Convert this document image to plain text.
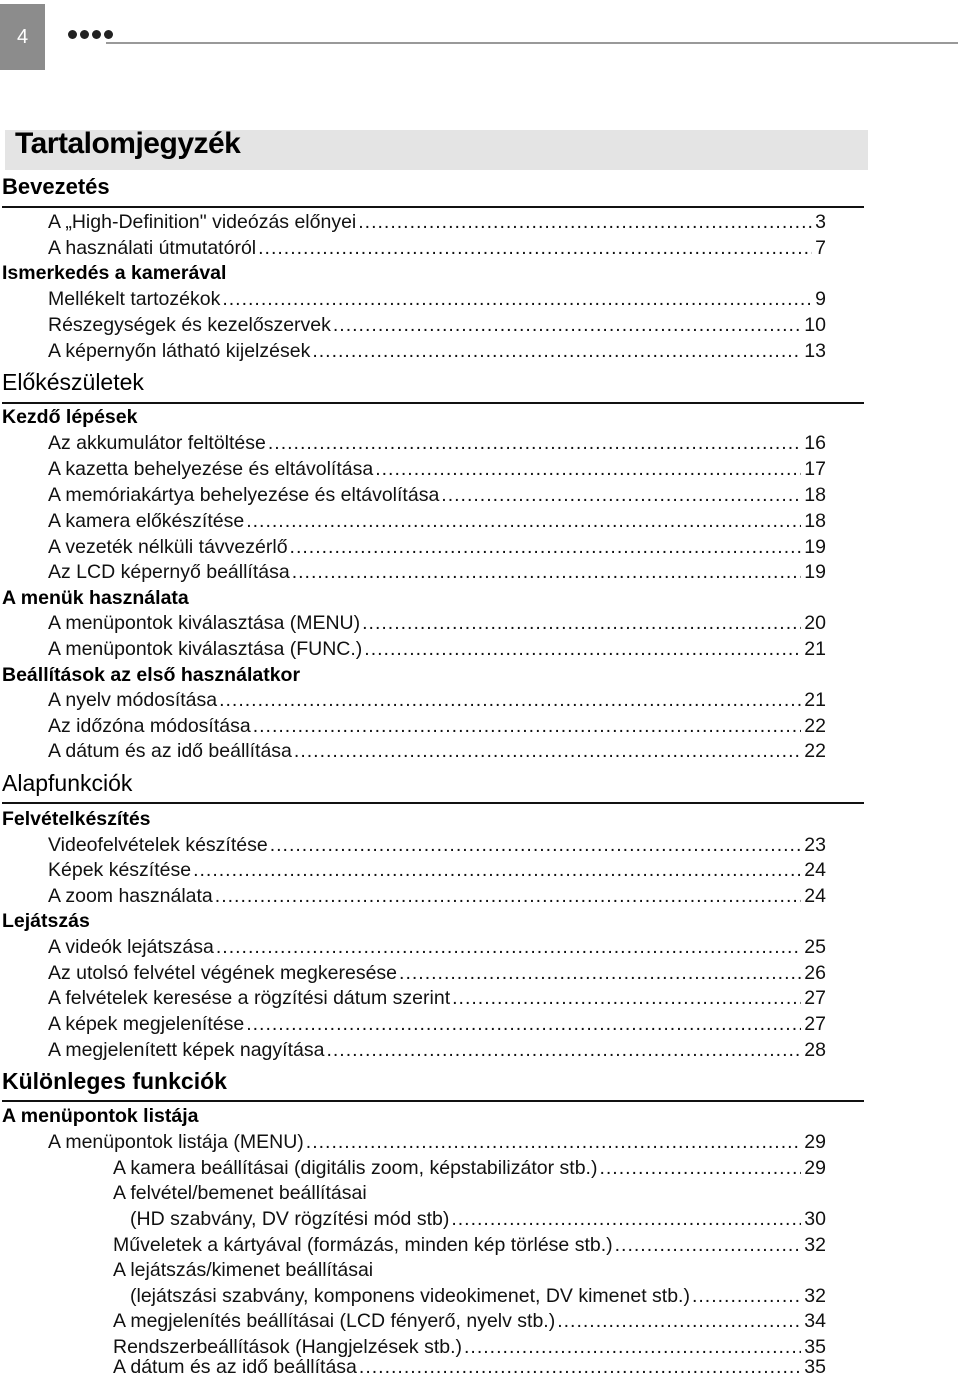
4
Tartalomjegyzék
Bevezetés
A „High-Definition" videózás előnyei .....	3
A használati útmutatóról .....	7
Ismerkedés a kamerával
Mellékelt tartozékok .....	9
Részegységek és kezelőszervek .....	10
A képernyőn látható kijelzések .....	13
Előkészületek
Kezdő lépések
Az akkumulátor feltöltése .....	16
A kazetta behelyezése és eltávolítása .....	17
A memóriakártya behelyezése és eltávolítása .....	18
A kamera előkészítése .....	18
A vezeték nélküli távvezérlő .....	19
Az LCD képernyő beállítása .....	19
A menük használata
A menüpontok kiválasztása (MENU) .....	20
A menüpontok kiválasztása (FUNC.) .....	21
Beállítások az első használatkor
A nyelv módosítása .....	21
Az időzóna módosítása .....	22
A dátum és az idő beállítása .....	22
Alapfunkciók
Felvételkészítés
Videofelvételek készítése .....	23
Képek készítése .....	24
A zoom használata .....	24
Lejátszás
A videók lejátszása .....	25
Az utolsó felvétel végének megkeresése .....	26
A felvételek keresése a rögzítési dátum szerint .....	27
A képek megjelenítése .....	27
A megjelenített képek nagyítása .....	28
Különleges funkciók
A menüpontok listája
A menüpontok listája (MENU) .....	29
A kamera beállításai (digitális zoom, képstabilizátor stb.) .....	29
A felvétel/bemenet beállításai
(HD szabvány, DV rögzítési mód stb) .....	30
Műveletek a kártyával (formázás, minden kép törlése stb.) .....	32
A lejátszás/kimenet beállításai
(lejátszási szabvány, komponens videokimenet, DV kimenet stb.) .....	32
A megjelenítés beállításai (LCD fényerő, nyelv stb.) .....	34
Rendszerbeállítások (Hangjelzések stb.) .....	35
A dátum és az idő beállítása .....	35
